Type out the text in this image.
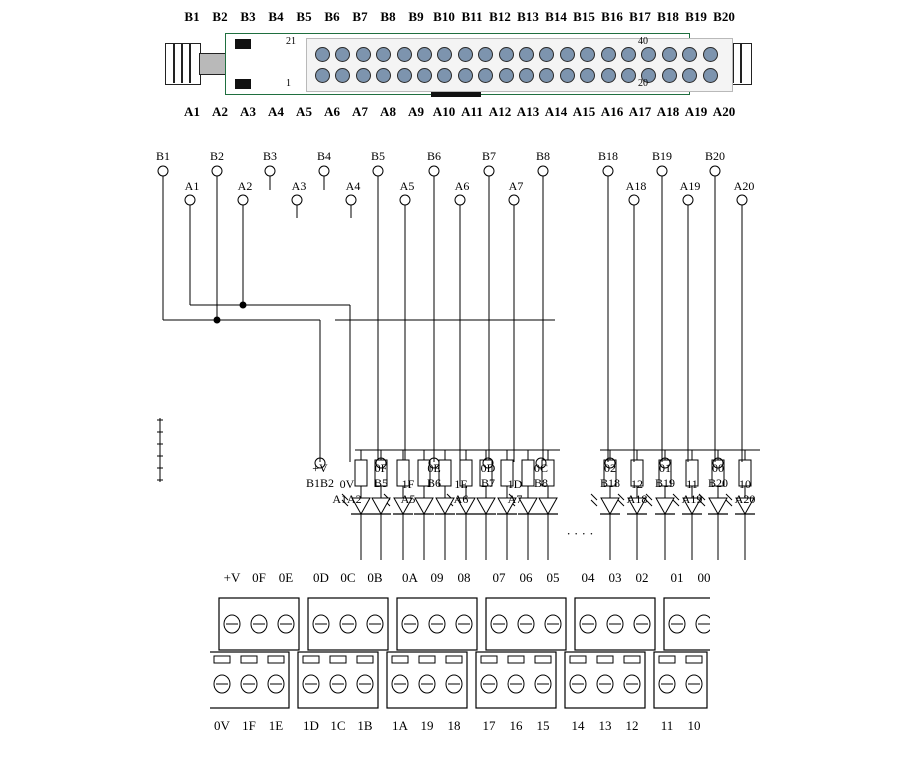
B1 B2 B3 B4 B5 B6 B7 B8 B9 B10 B11 B12 B13 B14 B15 B16 B17 B18 B19 B20
21
1
40
20
A1 A2 A3 A4 A5 A6 A7 A8 A9 A10 A11 A12 A13 A14 A15 A16 A17 A18 A19 A20
B1	B2	B3	B4	B5	B6	B7	B8	B18	B19	B20
A1	A2	A3	A4	A5	A6	A7	A18	A19	A20
+V
B1B2 0V
A1A2
0F
B5 1F
A5
0E
B6 1E
A6
0D
B7 1D
A7
0C
B8
02
B18 12
A18
01
B19 11
A19
00
B20 10
A20
· · · ·
+V 0F 0E 0D 0C 0B 0A 09 08 07 06 05 04 03 02 01 00
0V 1F 1E 1D 1C 1B 1A 19 18 17 16 15 14 13 12 11 10
